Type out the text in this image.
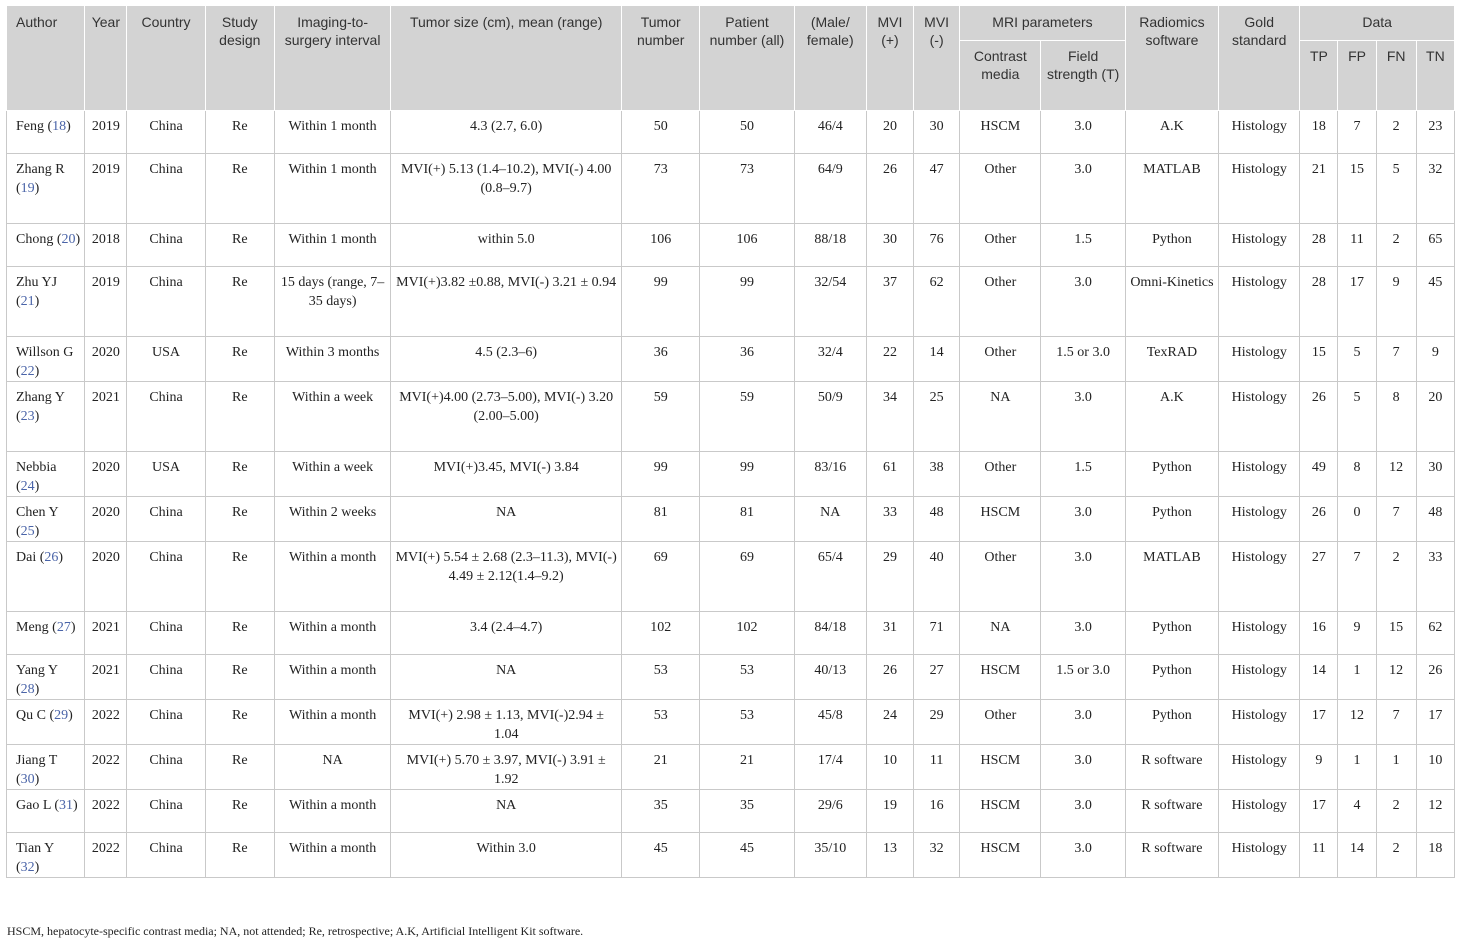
Author	Year	Country	Study design	Imaging-to-surgery interval	Tumor size (cm), mean (range)	Tumor number	Patient number (all)	(Male/ female)	MVI (+)	MVI (-)	MRI parameters		Radiomics software	Gold standard	Data			
											Contrast media	Field strength (T)			TP	FP	FN	TN
Feng (18)	2019	China	Re	Within 1 month	4.3 (2.7, 6.0)	50	50	46/4	20	30	HSCM	3.0	A.K	Histology	18	7	2	23
Zhang R (19)	2019	China	Re	Within 1 month	MVI(+) 5.13 (1.4–10.2), MVI(-) 4.00 (0.8–9.7)	73	73	64/9	26	47	Other	3.0	MATLAB	Histology	21	15	5	32
Chong (20)	2018	China	Re	Within 1 month	within 5.0	106	106	88/18	30	76	Other	1.5	Python	Histology	28	11	2	65
Zhu YJ (21)	2019	China	Re	15 days (range, 7–35 days)	MVI(+)3.82 ±0.88, MVI(-) 3.21 ± 0.94	99	99	32/54	37	62	Other	3.0	Omni-Kinetics	Histology	28	17	9	45
Willson G (22)	2020	USA	Re	Within 3 months	4.5 (2.3–6)	36	36	32/4	22	14	Other	1.5 or 3.0	TexRAD	Histology	15	5	7	9
Zhang Y (23)	2021	China	Re	Within a week	MVI(+)4.00 (2.73–5.00), MVI(-) 3.20 (2.00–5.00)	59	59	50/9	34	25	NA	3.0	A.K	Histology	26	5	8	20
Nebbia (24)	2020	USA	Re	Within a week	MVI(+)3.45, MVI(-) 3.84	99	99	83/16	61	38	Other	1.5	Python	Histology	49	8	12	30
Chen Y (25)	2020	China	Re	Within 2 weeks	NA	81	81	NA	33	48	HSCM	3.0	Python	Histology	26	0	7	48
Dai (26)	2020	China	Re	Within a month	MVI(+) 5.54 ± 2.68 (2.3–11.3), MVI(-) 4.49 ± 2.12(1.4–9.2)	69	69	65/4	29	40	Other	3.0	MATLAB	Histology	27	7	2	33
Meng (27)	2021	China	Re	Within a month	3.4 (2.4–4.7)	102	102	84/18	31	71	NA	3.0	Python	Histology	16	9	15	62
Yang Y (28)	2021	China	Re	Within a month	NA	53	53	40/13	26	27	HSCM	1.5 or 3.0	Python	Histology	14	1	12	26
Qu C (29)	2022	China	Re	Within a month	MVI(+) 2.98 ± 1.13, MVI(-)2.94 ± 1.04	53	53	45/8	24	29	Other	3.0	Python	Histology	17	12	7	17
Jiang T (30)	2022	China	Re	NA	MVI(+) 5.70 ± 3.97, MVI(-) 3.91 ± 1.92	21	21	17/4	10	11	HSCM	3.0	R software	Histology	9	1	1	10
Gao L (31)	2022	China	Re	Within a month	NA	35	35	29/6	19	16	HSCM	3.0	R software	Histology	17	4	2	12
Tian Y (32)	2022	China	Re	Within a month	Within 3.0	45	45	35/10	13	32	HSCM	3.0	R software	Histology	11	14	2	18
HSCM, hepatocyte-specific contrast media; NA, not attended; Re, retrospective; A.K, Artificial Intelligent Kit software.
